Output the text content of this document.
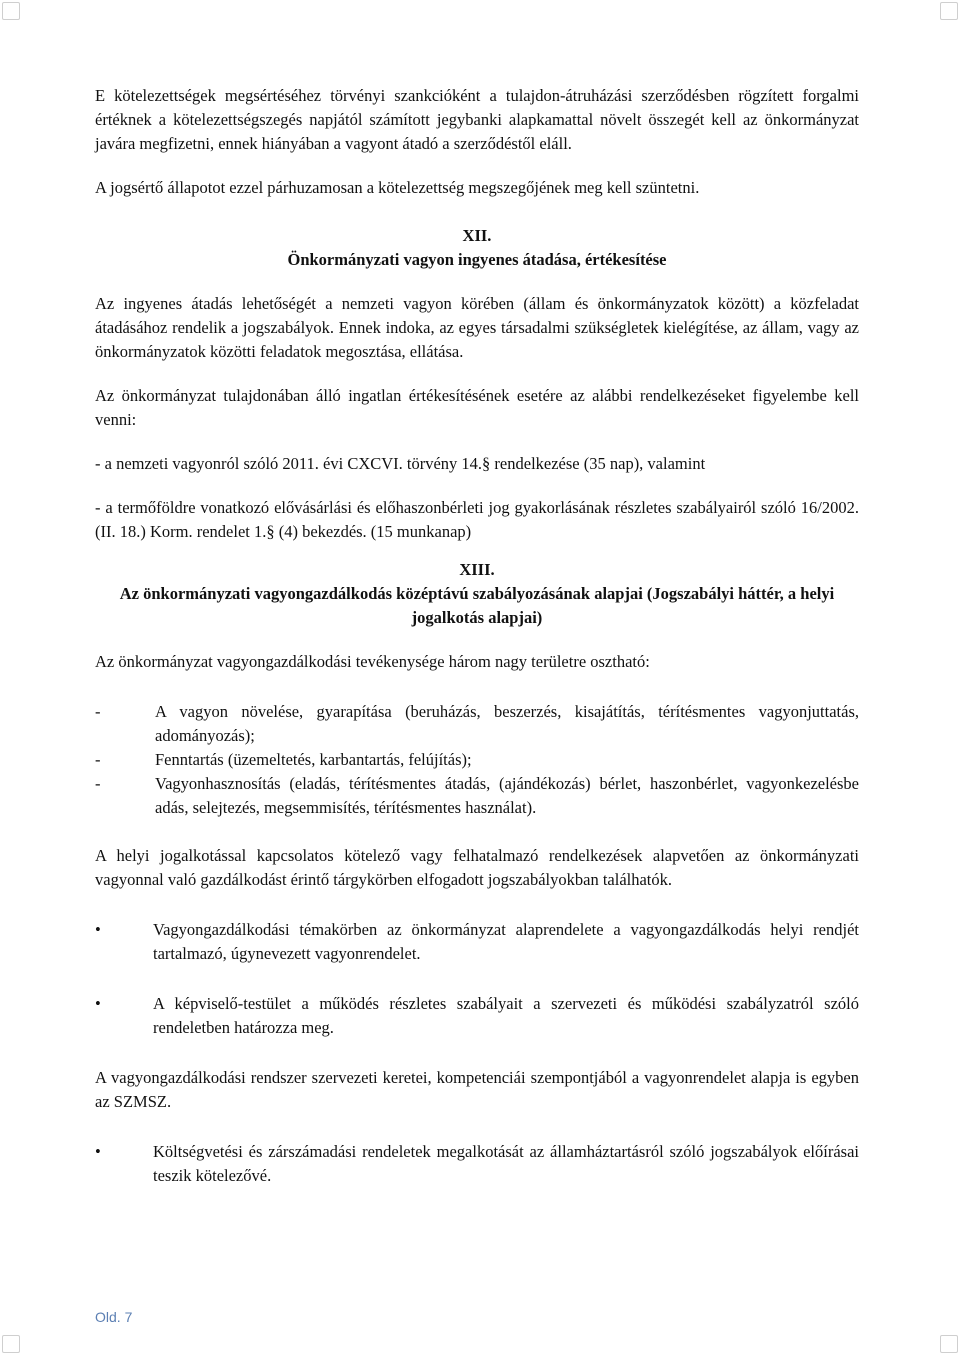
E kötelezettségek megsértéséhez törvényi szankcióként a tulajdon-átruházási szerződésben rögzített forgalmi értéknek a kötelezettségszegés napjától számított jegybanki alapkamattal növelt összegét kell az önkormányzat javára megfizetni, ennek hiányában a vagyont átadó a szerződéstől eláll.

A jogsértő állapotot ezzel párhuzamosan a kötelezettség megszegőjének meg kell szüntetni.

XII.
Önkormányzati vagyon ingyenes átadása, értékesítése

Az ingyenes átadás lehetőségét a nemzeti vagyon körében (állam és önkormányzatok között) a közfeladat átadásához rendelik a jogszabályok. Ennek indoka, az egyes társadalmi szükségletek kielégítése, az állam, vagy az önkormányzatok közötti feladatok megosztása, ellátása.

Az önkormányzat tulajdonában álló ingatlan értékesítésének esetére az alábbi rendelkezéseket figyelembe kell venni:

- a nemzeti vagyonról szóló 2011. évi CXCVI. törvény 14.§ rendelkezése (35 nap), valamint

- a termőföldre vonatkozó elővásárlási és előhaszonbérleti jog gyakorlásának részletes szabályairól szóló 16/2002. (II. 18.) Korm. rendelet 1.§ (4) bekezdés. (15 munkanap)

XIII.
Az önkormányzati vagyongazdálkodás középtávú szabályozásának alapjai (Jogszabályi háttér, a helyi jogalkotás alapjai)

Az önkormányzat vagyongazdálkodási tevékenysége három nagy területre osztható:

-	A vagyon növelése, gyarapítása (beruházás, beszerzés, kisajátítás, térítésmentes vagyonjuttatás, adományozás);
-	Fenntartás (üzemeltetés, karbantartás, felújítás);
-	Vagyonhasznosítás (eladás, térítésmentes átadás, (ajándékozás) bérlet, haszonbérlet, vagyonkezelésbe adás, selejtezés, megsemmisítés, térítésmentes használat).

A helyi jogalkotással kapcsolatos kötelező vagy felhatalmazó rendelkezések alapvetően az önkormányzati vagyonnal való gazdálkodást érintő tárgykörben elfogadott jogszabályokban találhatók.

•	Vagyongazdálkodási témakörben az önkormányzat alaprendelete a vagyongazdálkodás helyi rendjét tartalmazó, úgynevezett vagyonrendelet.
•	A képviselő-testület a működés részletes szabályait a szervezeti és működési szabályzatról szóló rendeletben határozza meg.

A vagyongazdálkodási rendszer szervezeti keretei, kompetenciái szempontjából a vagyonrendelet alapja is egyben az SZMSZ.

•	Költségvetési és zárszámadási rendeletek megalkotását az államháztartásról szóló jogszabályok előírásai teszik kötelezővé.
Old. 7
